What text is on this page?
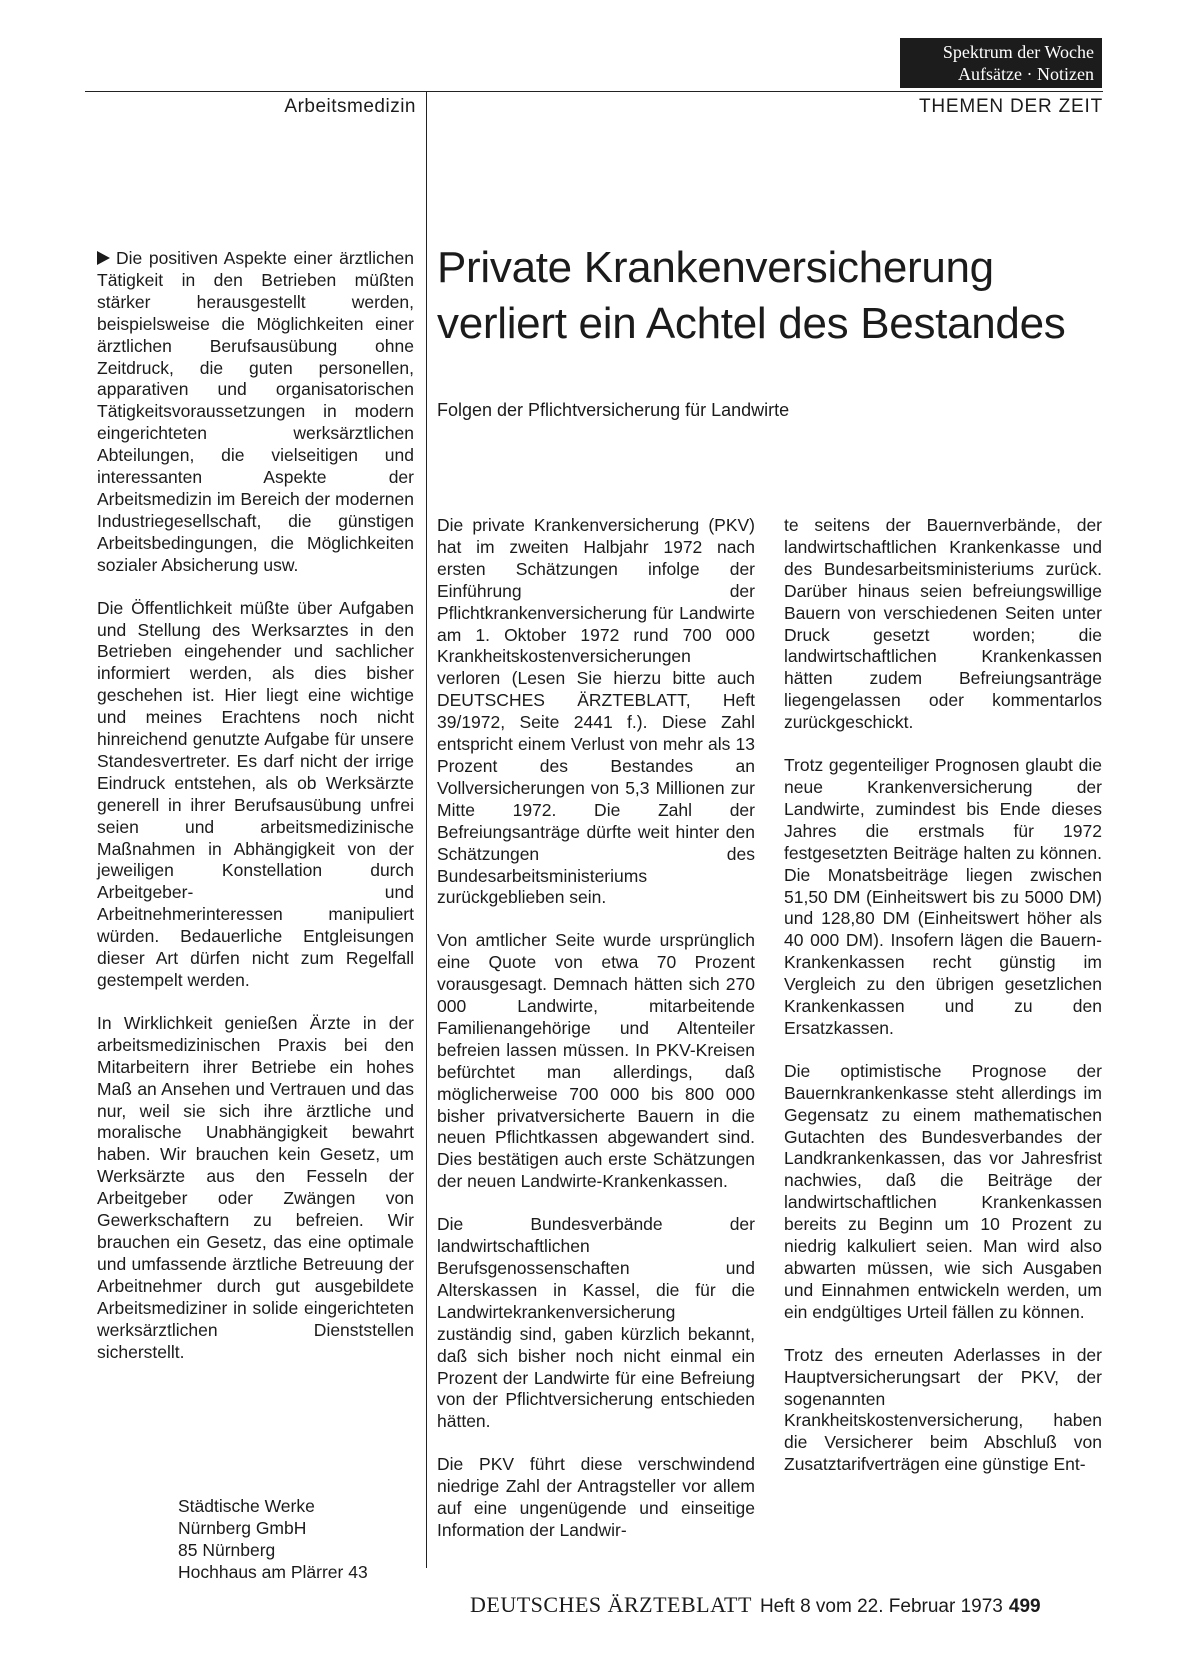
Spektrum der Woche
Aufsätze · Notizen
Arbeitsmedizin	THEMEN DER ZEIT
Private Krankenversicherung
verliert ein Achtel des Bestandes
Folgen der Pflichtversicherung für Landwirte

Die positiven Aspekte einer ärztlichen Tätigkeit in den Betrieben müßten stärker herausgestellt werden, beispielsweise die Möglichkeiten einer ärztlichen Berufsausübung ohne Zeitdruck, die guten personellen, apparativen und organisatorischen Tätigkeitsvoraussetzungen in modern eingerichteten werksärztlichen Abteilungen, die vielseitigen und interessanten Aspekte der Arbeitsmedizin im Bereich der modernen Industriegesellschaft, die günstigen Arbeitsbedingungen, die Möglichkeiten sozialer Absicherung usw.

Die Öffentlichkeit müßte über Aufgaben und Stellung des Werksarztes in den Betrieben eingehender und sachlicher informiert werden, als dies bisher geschehen ist. Hier liegt eine wichtige und meines Erachtens noch nicht hinreichend genutzte Aufgabe für unsere Standesvertreter. Es darf nicht der irrige Eindruck entstehen, als ob Werksärzte generell in ihrer Berufsausübung unfrei seien und arbeitsmedizinische Maßnahmen in Abhängigkeit von der jeweiligen Konstellation durch Arbeitgeber- und Arbeitnehmerinteressen manipuliert würden. Bedauerliche Entgleisungen dieser Art dürfen nicht zum Regelfall gestempelt werden.

In Wirklichkeit genießen Ärzte in der arbeitsmedizinischen Praxis bei den Mitarbeitern ihrer Betriebe ein hohes Maß an Ansehen und Vertrauen und das nur, weil sie sich ihre ärztliche und moralische Unabhängigkeit bewahrt haben. Wir brauchen kein Gesetz, um Werksärzte aus den Fesseln der Arbeitgeber oder Zwängen von Gewerkschaftern zu befreien. Wir brauchen ein Gesetz, das eine optimale und umfassende ärztliche Betreuung der Arbeitnehmer durch gut ausgebildete Arbeitsmediziner in solide eingerichteten werksärztlichen Dienststellen sicherstellt.

Städtische Werke
Nürnberg GmbH
85 Nürnberg
Hochhaus am Plärrer 43

Die private Krankenversicherung (PKV) hat im zweiten Halbjahr 1972 nach ersten Schätzungen infolge der Einführung der Pflichtkrankenversicherung für Landwirte am 1. Oktober 1972 rund 700 000 Krankheitskostenversicherungen verloren (Lesen Sie hierzu bitte auch DEUTSCHES ÄRZTEBLATT, Heft 39/1972, Seite 2441 f.). Diese Zahl entspricht einem Verlust von mehr als 13 Prozent des Bestandes an Vollversicherungen von 5,3 Millionen zur Mitte 1972. Die Zahl der Befreiungsanträge dürfte weit hinter den Schätzungen des Bundesarbeitsministeriums zurückgeblieben sein.

Von amtlicher Seite wurde ursprünglich eine Quote von etwa 70 Prozent vorausgesagt. Demnach hätten sich 270 000 Landwirte, mitarbeitende Familienangehörige und Altenteiler befreien lassen müssen. In PKV-Kreisen befürchtet man allerdings, daß möglicherweise 700 000 bis 800 000 bisher privatversicherte Bauern in die neuen Pflichtkassen abgewandert sind. Dies bestätigen auch erste Schätzungen der neuen Landwirte-Krankenkassen.

Die Bundesverbände der landwirtschaftlichen Berufsgenossenschaften und Alterskassen in Kassel, die für die Landwirtekrankenversicherung zuständig sind, gaben kürzlich bekannt, daß sich bisher noch nicht einmal ein Prozent der Landwirte für eine Befreiung von der Pflichtversicherung entschieden hätten.

Die PKV führt diese verschwindend niedrige Zahl der Antragsteller vor allem auf eine ungenügende und einseitige Information der Landwir-

te seitens der Bauernverbände, der landwirtschaftlichen Krankenkasse und des Bundesarbeitsministeriums zurück. Darüber hinaus seien befreiungswillige Bauern von verschiedenen Seiten unter Druck gesetzt worden; die landwirtschaftlichen Krankenkassen hätten zudem Befreiungsanträge liegengelassen oder kommentarlos zurückgeschickt.

Trotz gegenteiliger Prognosen glaubt die neue Krankenversicherung der Landwirte, zumindest bis Ende dieses Jahres die erstmals für 1972 festgesetzten Beiträge halten zu können. Die Monatsbeiträge liegen zwischen 51,50 DM (Einheitswert bis zu 5000 DM) und 128,80 DM (Einheitswert höher als 40 000 DM). Insofern lägen die Bauern-Krankenkassen recht günstig im Vergleich zu den übrigen gesetzlichen Krankenkassen und zu den Ersatzkassen.

Die optimistische Prognose der Bauernkrankenkasse steht allerdings im Gegensatz zu einem mathematischen Gutachten des Bundesverbandes der Landkrankenkassen, das vor Jahresfrist nachwies, daß die Beiträge der landwirtschaftlichen Krankenkassen bereits zu Beginn um 10 Prozent zu niedrig kalkuliert seien. Man wird also abwarten müssen, wie sich Ausgaben und Einnahmen entwickeln werden, um ein endgültiges Urteil fällen zu können.

Trotz des erneuten Aderlasses in der Hauptversicherungsart der PKV, der sogenannten Krankheitskostenversicherung, haben die Versicherer beim Abschluß von Zusatztarifverträgen eine günstige Ent-

DEUTSCHES ÄRZTEBLATT Heft 8 vom 22. Februar 1973 499
